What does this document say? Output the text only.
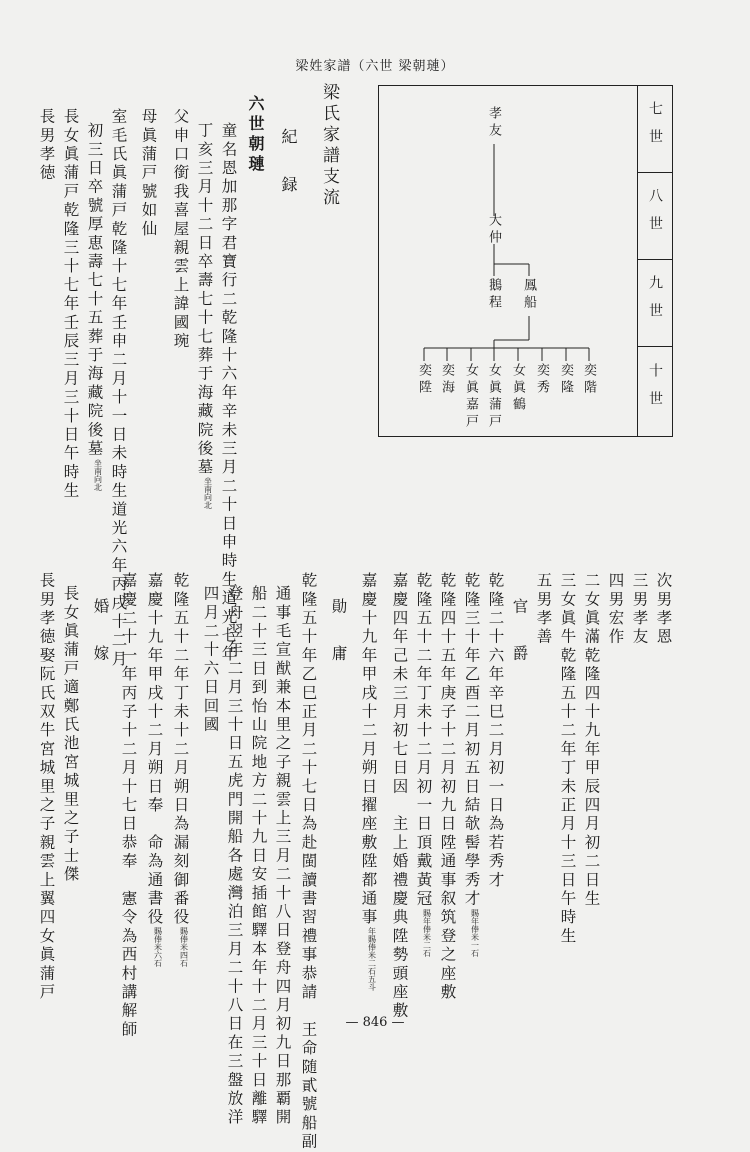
梁姓家譜（六世 梁朝璉）
七世
八世
九世
十世
孝友
大仲
鳳船
鵝程
奕階
奕隆
奕秀
女眞鶴
女眞蒲戸
女眞嘉戸
奕海
奕陞
梁氏家譜支流
紀　録
六世朝璉
童名恩加那字君寶行二乾隆十六年辛未三月二十日申時生道光七年
丁亥三月十二日卒壽七十七葬于海藏院後墓坐南向北
父申口銜我喜屋親雲上諱國琬
母眞蒲戸號如仙
室毛氏眞蒲戸乾隆十七年壬申二月十一日未時生道光六年丙戌十二月
初三日卒號厚恵壽七十五葬于海藏院後墓坐南向北
長女眞蒲戸乾隆三十七年壬辰三月三十日午時生
長男孝徳
次男孝恩
三男孝友
四男宏作
二女眞滿乾隆四十九年甲辰四月初二日生
三女眞牛乾隆五十二年丁未正月十三日午時生
五男孝善
官　爵
乾隆二十六年辛巳二月初一日為若秀才
乾隆三十年乙酉二月初五日結欹髻學秀才賜年俸米一石
乾隆四十五年庚子十二月初九日陞通事叙筑登之座敷
乾隆五十二年丁未十二月初一日頂戴黃冠賜年俸米二石
嘉慶四年己未三月初七日因　主上婚禮慶典陞勢頭座敷
嘉慶十九年甲戌十二月朔日擢座敷陞都通事年賜俸米二石五斗
勛　庸
乾隆五十年乙巳正月二十七日為赴閩讀書習禮事恭請　王命随貳號船副
通事毛宣猷兼本里之子親雲上三月二十八日登舟四月初九日那覇開
船二十三日到怡山院地方二十九日安插館驛本年十二月三十日離驛
登舟翌年二月三十日五虎門開船各處灣泊三月二十八日在三盤放洋
四月二十六日回國
乾隆五十二年丁未十二月朔日為漏刻御番役賜俸米四石
嘉慶十九年甲戌十二月朔日奉　命為通書役賜俸米六石
嘉慶二十一年丙子十二月十七日恭奉　憲令為西村講解師
婚　嫁
長女眞蒲戸適鄭氏池宮城里之子士傑
長男孝徳娶阮氏双牛宮城里之子親雲上翼四女眞蒲戸
— 846 —
